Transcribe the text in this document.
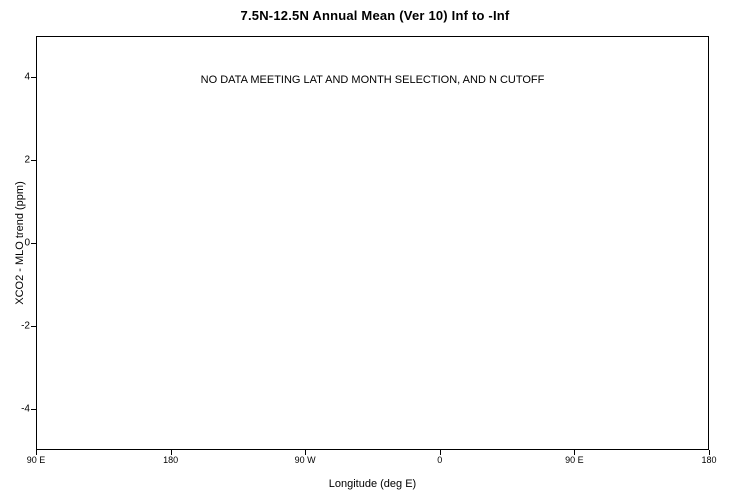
7.5N-12.5N Annual Mean (Ver 10) Inf to -Inf
NO DATA MEETING LAT AND MONTH SELECTION, AND N CUTOFF
XCO2 - MLO trend (ppm)
Longitude (deg E)
4
2
0
-2
-4
90 E	180	90 W	0	90 E	180
